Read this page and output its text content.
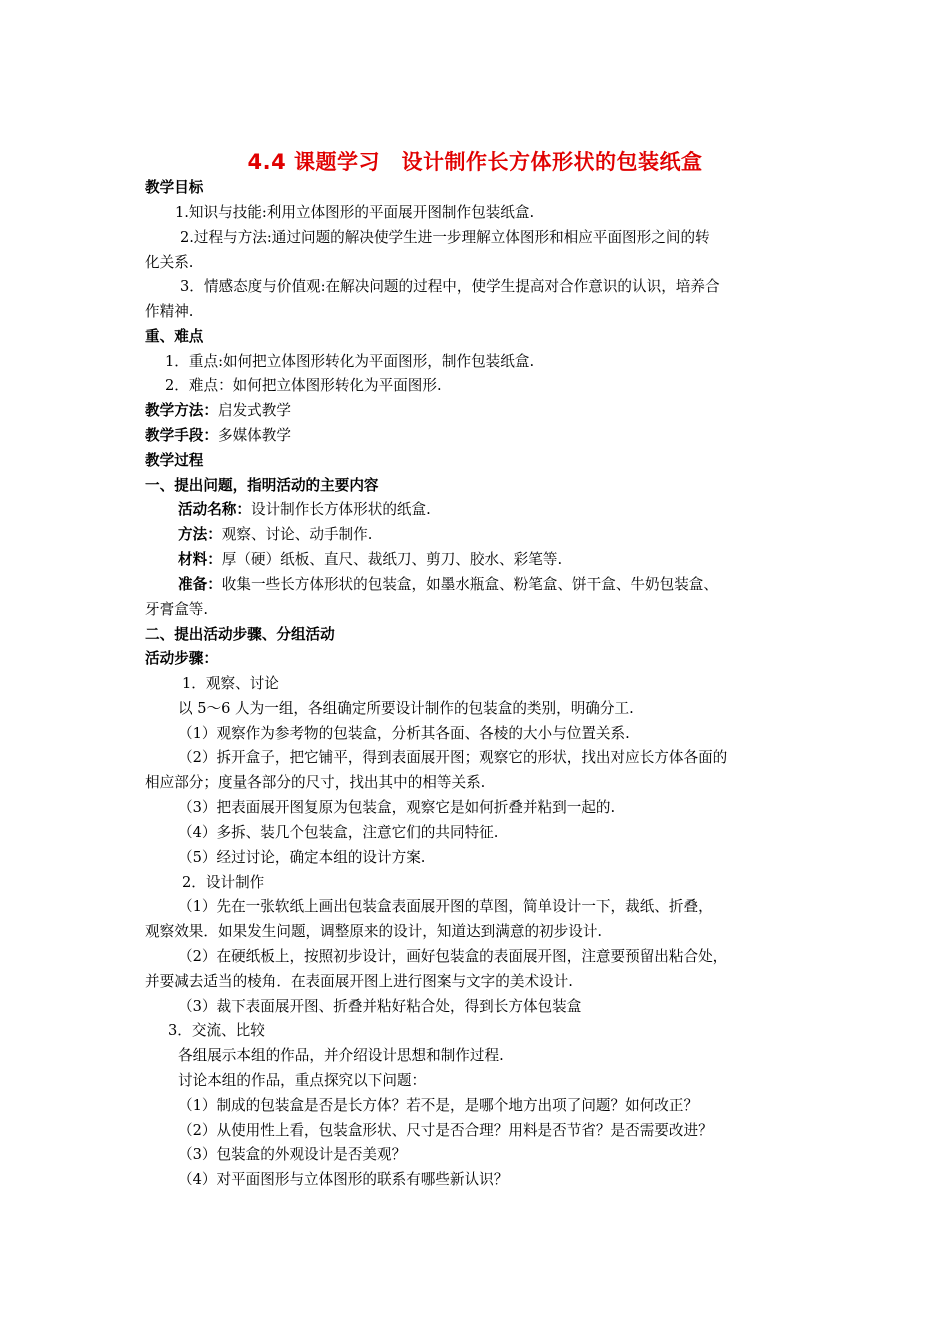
4.4 课题学习　设计制作长方体形状的包装纸盒
教学目标
1.知识与技能:利用立体图形的平面展开图制作包装纸盒.
2.过程与方法:通过问题的解决使学生进一步理解立体图形和相应平面图形之间的转
化关系.
3．情感态度与价值观:在解决问题的过程中，使学生提高对合作意识的认识，培养合
作精神.
重、难点
1．重点:如何把立体图形转化为平面图形，制作包装纸盒.
2．难点：如何把立体图形转化为平面图形.
教学方法：启发式教学
教学手段：多媒体教学
教学过程
一、提出问题，指明活动的主要内容
活动名称：设计制作长方体形状的纸盒.
方法：观察、讨论、动手制作.
材料：厚（硬）纸板、直尺、裁纸刀、剪刀、胶水、彩笔等.
准备：收集一些长方体形状的包装盒，如墨水瓶盒、粉笔盒、饼干盒、牛奶包装盒、
牙膏盒等.
二、提出活动步骤、分组活动
活动步骤：
1．观察、讨论
以 5～6 人为一组，各组确定所要设计制作的包装盒的类别，明确分工.
（1）观察作为参考物的包装盒，分析其各面、各棱的大小与位置关系.
（2）拆开盒子，把它铺平，得到表面展开图；观察它的形状，找出对应长方体各面的
相应部分；度量各部分的尺寸，找出其中的相等关系.
（3）把表面展开图复原为包装盒，观察它是如何折叠并粘到一起的.
（4）多拆、装几个包装盒，注意它们的共同特征.
（5）经过讨论，确定本组的设计方案.
2．设计制作
（1）先在一张软纸上画出包装盒表面展开图的草图，简单设计一下，裁纸、折叠，
观察效果．如果发生问题，调整原来的设计，知道达到满意的初步设计.
（2）在硬纸板上，按照初步设计，画好包装盒的表面展开图，注意要预留出粘合处，
并要减去适当的棱角．在表面展开图上进行图案与文字的美术设计.
（3）裁下表面展开图、折叠并粘好粘合处，得到长方体包装盒
3．交流、比较
各组展示本组的作品，并介绍设计思想和制作过程.
讨论本组的作品，重点探究以下问题：
（1）制成的包装盒是否是长方体？若不是，是哪个地方出项了问题？如何改正？
（2）从使用性上看，包装盒形状、尺寸是否合理？用料是否节省？是否需要改进？
（3）包装盒的外观设计是否美观？
（4）对平面图形与立体图形的联系有哪些新认识？
